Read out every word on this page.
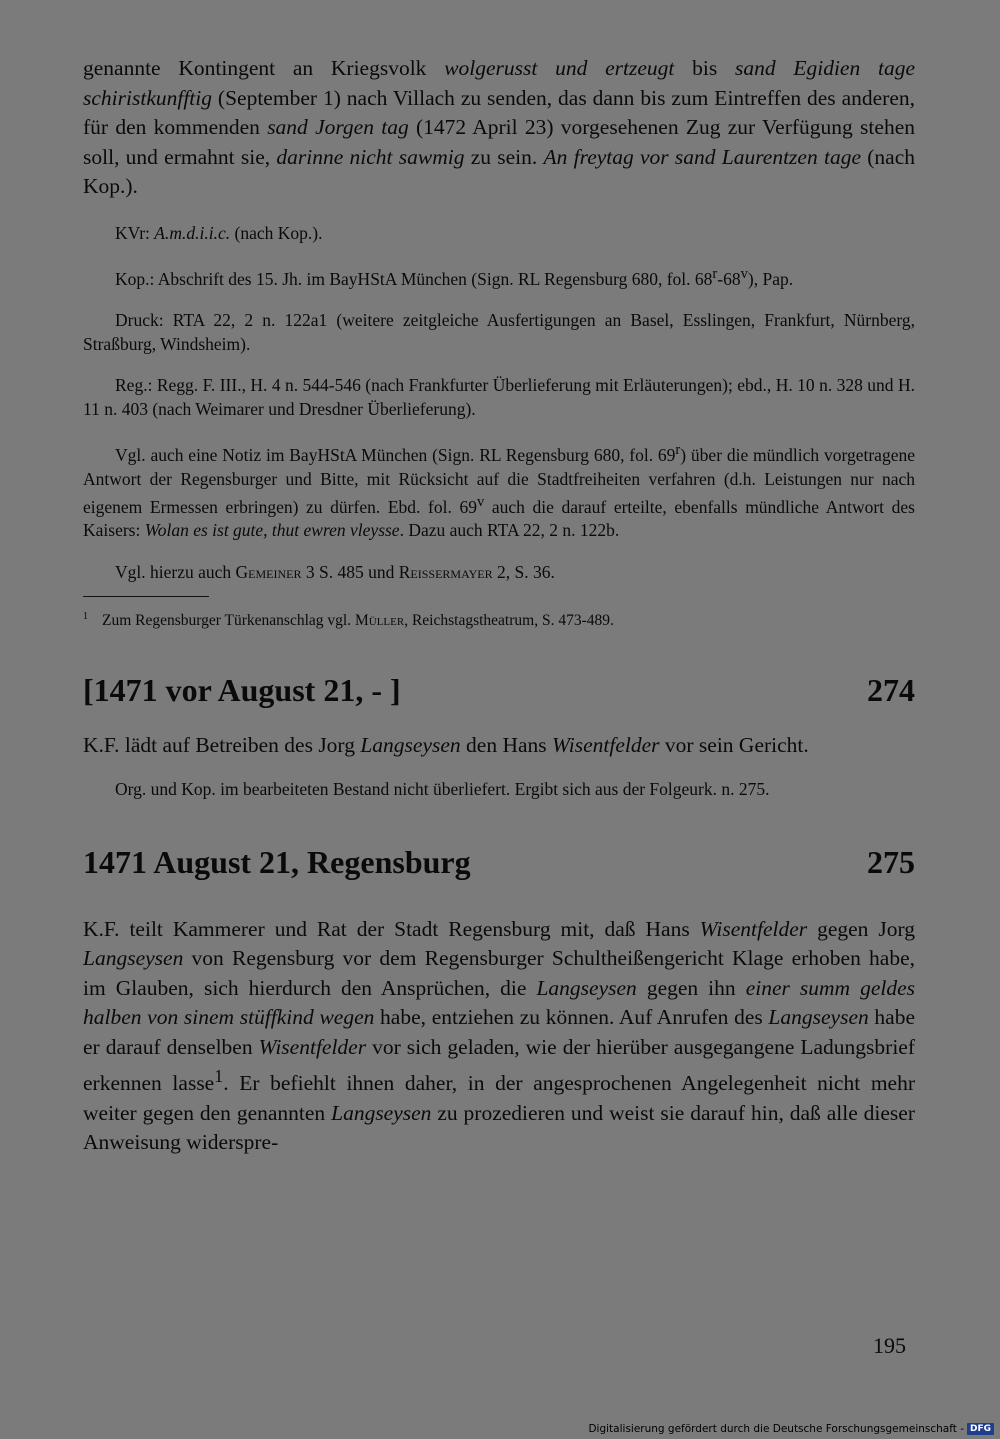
genannte Kontingent an Kriegsvolk wolgerusst und ertzeugt bis sand Egidien tage schiristkunfftig (September 1) nach Villach zu senden, das dann bis zum Eintreffen des anderen, für den kommenden sand Jorgen tag (1472 April 23) vorgesehenen Zug zur Verfügung stehen soll, und ermahnt sie, darinne nicht sawmig zu sein. An freytag vor sand Laurentzen tage (nach Kop.).

KVr: A.m.d.i.i.c. (nach Kop.).

Kop.: Abschrift des 15. Jh. im BayHStA München (Sign. RL Regensburg 680, fol. 68$^r$-68$^v$), Pap.

Druck: RTA 22, 2 n. 122a1 (weitere zeitgleiche Ausfertigungen an Basel, Esslingen, Frankfurt, Nürnberg, Straßburg, Windsheim).

Reg.: Regg. F. III., H. 4 n. 544-546 (nach Frankfurter Überlieferung mit Erläuterungen); ebd., H. 10 n. 328 und H. 11 n. 403 (nach Weimarer und Dresdner Überlieferung).

Vgl. auch eine Notiz im BayHStA München (Sign. RL Regensburg 680, fol. 69$^r$) über die mündlich vorgetragene Antwort der Regensburger und Bitte, mit Rücksicht auf die Stadtfreiheiten verfahren (d.h. Leistungen nur nach eigenem Ermessen erbringen) zu dürfen. Ebd. fol. 69$^v$ auch die darauf erteilte, ebenfalls mündliche Antwort des Kaisers: Wolan es ist gute, thut ewren vleysse. Dazu auch RTA 22, 2 n. 122b.

Vgl. hierzu auch Gemeiner 3 S. 485 und Reissermayer 2, S. 36.

$^1$ Zum Regensburger Türkenanschlag vgl. Müller, Reichstagstheatrum, S. 473-489.

[1471 vor August 21, - ]	274

K.F. lädt auf Betreiben des Jorg Langseysen den Hans Wisentfelder vor sein Gericht.

Org. und Kop. im bearbeiteten Bestand nicht überliefert. Ergibt sich aus der Folgeurk. n. 275.

1471 August 21, Regensburg	275

K.F. teilt Kammerer und Rat der Stadt Regensburg mit, daß Hans Wisentfelder gegen Jorg Langseysen von Regensburg vor dem Regensburger Schultheißengericht Klage erhoben habe, im Glauben, sich hierdurch den Ansprüchen, die Langseysen gegen ihn einer summ geldes halben von sinem stüffkind wegen habe, entziehen zu können. Auf Anrufen des Langseysen habe er darauf denselben Wisentfelder vor sich geladen, wie der hierüber ausgegangene Ladungsbrief erkennen lasse$^1$. Er befiehlt ihnen daher, in der angesprochenen Angelegenheit nicht mehr weiter gegen den genannten Langseysen zu prozedieren und weist sie darauf hin, daß alle dieser Anweisung widerspre-

195
Digitalisierung gefördert durch die Deutsche Forschungsgemeinschaft - DFG
